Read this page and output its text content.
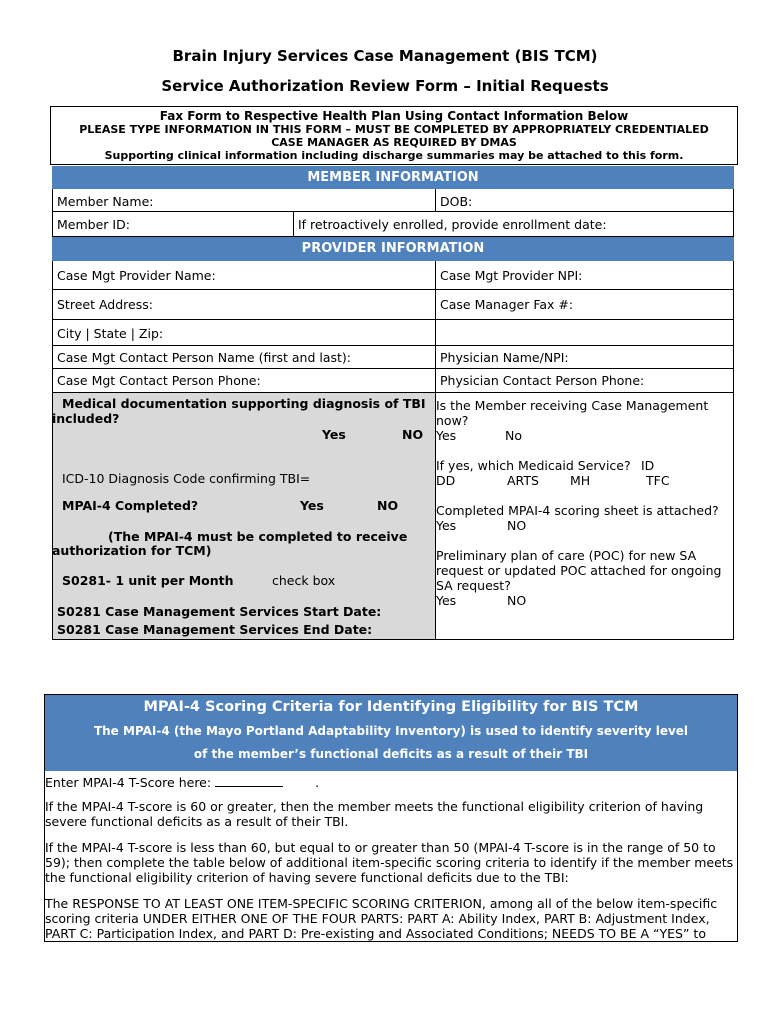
Brain Injury Services Case Management (BIS TCM)
Service Authorization Review Form – Initial Requests
Fax Form to Respective Health Plan Using Contact Information Below
PLEASE TYPE INFORMATION IN THIS FORM – MUST BE COMPLETED BY APPROPRIATELY CREDENTIALED
CASE MANAGER AS REQUIRED BY DMAS
Supporting clinical information including discharge summaries may be attached to this form.
MEMBER INFORMATION
Member Name:	DOB:
Member ID:	If retroactively enrolled, provide enrollment date:
PROVIDER INFORMATION
Case Mgt Provider Name:	Case Mgt Provider NPI:
Street Address:	Case Manager Fax #:
City | State | Zip:
Case Mgt Contact Person Name (first and last):	Physician Name/NPI:
Case Mgt Contact Person Phone:	Physician Contact Person Phone:
Medical documentation supporting diagnosis of TBI
included?
Yes	NO
ICD-10 Diagnosis Code confirming TBI=
MPAI-4 Completed?	Yes	NO
(The MPAI-4 must be completed to receive
authorization for TCM)
S0281- 1 unit per Month	check box
S0281 Case Management Services Start Date:
S0281 Case Management Services End Date:
Is the Member receiving Case Management
now?
Yes	No
If yes, which Medicaid Service? ID
DD	ARTS MH	TFC
Completed MPAI-4 scoring sheet is attached?
Yes	NO
Preliminary plan of care (POC) for new SA
request or updated POC attached for ongoing
SA request?
Yes	NO
MPAI-4 Scoring Criteria for Identifying Eligibility for BIS TCM
The MPAI-4 (the Mayo Portland Adaptability Inventory) is used to identify severity level
of the member’s functional deficits as a result of their TBI
Enter MPAI-4 T-Score here:	.
If the MPAI-4 T-score is 60 or greater, then the member meets the functional eligibility criterion of having severe functional deficits as a result of their TBI.
If the MPAI-4 T-score is less than 60, but equal to or greater than 50 (MPAI-4 T-score is in the range of 50 to 59); then complete the table below of additional item-specific scoring criteria to identify if the member meets the functional eligibility criterion of having severe functional deficits due to the TBI:
The RESPONSE TO AT LEAST ONE ITEM-SPECIFIC SCORING CRITERION, among all of the below item-specific scoring criteria UNDER EITHER ONE OF THE FOUR PARTS: PART A: Ability Index, PART B: Adjustment Index, PART C: Participation Index, and PART D: Pre-existing and Associated Conditions; NEEDS TO BE A “YES” to
